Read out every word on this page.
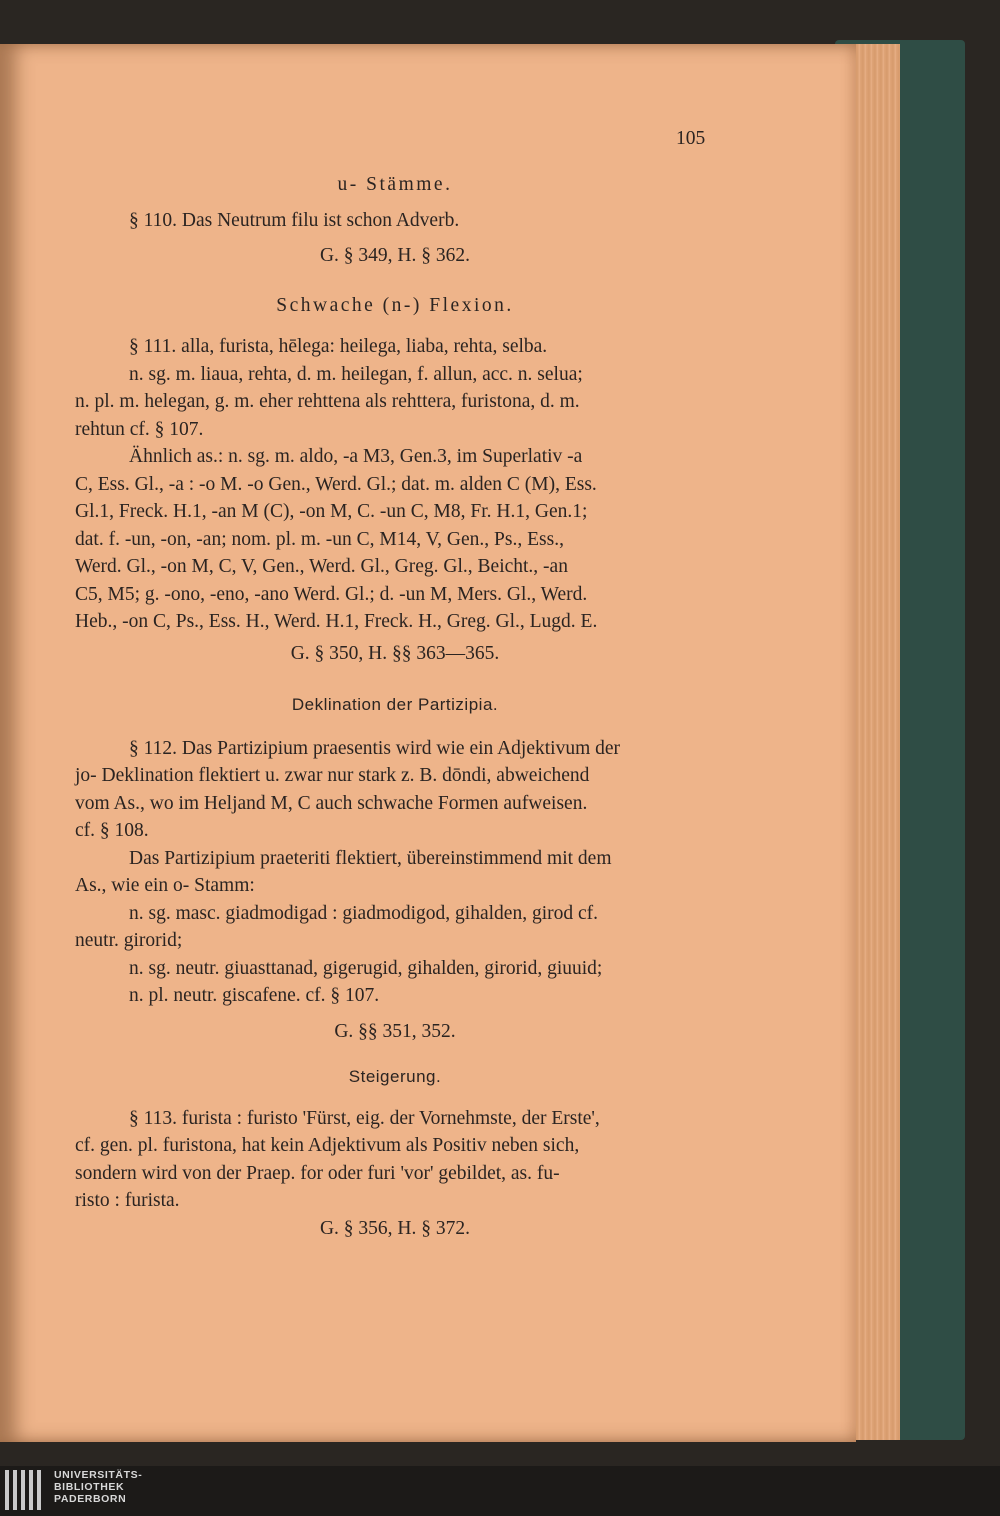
105

u- Stämme.

§ 110. Das Neutrum filu ist schon Adverb.

G. § 349, H. § 362.

Schwache (n-) Flexion.

§ 111. alla, furista, hēlega: heilega, liaba, rehta, selba.

n. sg. m. liaua, rehta, d. m. heilegan, f. allun, acc. n. selua;

n. pl. m. helegan, g. m. eher rehttena als rehttera, furistona, d. m.

rehtun cf. § 107.

Ähnlich as.: n. sg. m. aldo, -a M3, Gen.3, im Superlativ -a

C, Ess. Gl., -a : -o M. -o Gen., Werd. Gl.; dat. m. alden C (M), Ess.

Gl.1, Freck. H.1, -an M (C), -on M, C. -un C, M8, Fr. H.1, Gen.1;

dat. f. -un, -on, -an; nom. pl. m. -un C, M14, V, Gen., Ps., Ess.,

Werd. Gl., -on M, C, V, Gen., Werd. Gl., Greg. Gl., Beicht., -an

C5, M5; g. -ono, -eno, -ano Werd. Gl.; d. -un M, Mers. Gl., Werd.

Heb., -on C, Ps., Ess. H., Werd. H.1, Freck. H., Greg. Gl., Lugd. E.

G. § 350, H. §§ 363—365.

Deklination der Partizipia.

§ 112. Das Partizipium praesentis wird wie ein Adjektivum der

jo- Deklination flektiert u. zwar nur stark z. B. dōndi, abweichend

vom As., wo im Heljand M, C auch schwache Formen aufweisen.

cf. § 108.

Das Partizipium praeteriti flektiert, übereinstimmend mit dem

As., wie ein o- Stamm:

n. sg. masc. giadmodigad : giadmodigod, gihalden, girod cf.

neutr. girorid;

n. sg. neutr. giuasttanad, gigerugid, gihalden, girorid, giuuid;

n. pl. neutr. giscafene. cf. § 107.

G. §§ 351, 352.

Steigerung.

§ 113. furista : furisto 'Fürst, eig. der Vornehmste, der Erste',

cf. gen. pl. furistona, hat kein Adjektivum als Positiv neben sich,

sondern wird von der Praep. for oder furi 'vor' gebildet, as. fu-

risto : furista.

G. § 356, H. § 372.

UNIVERSITÄTS-
BIBLIOTHEK
PADERBORN
